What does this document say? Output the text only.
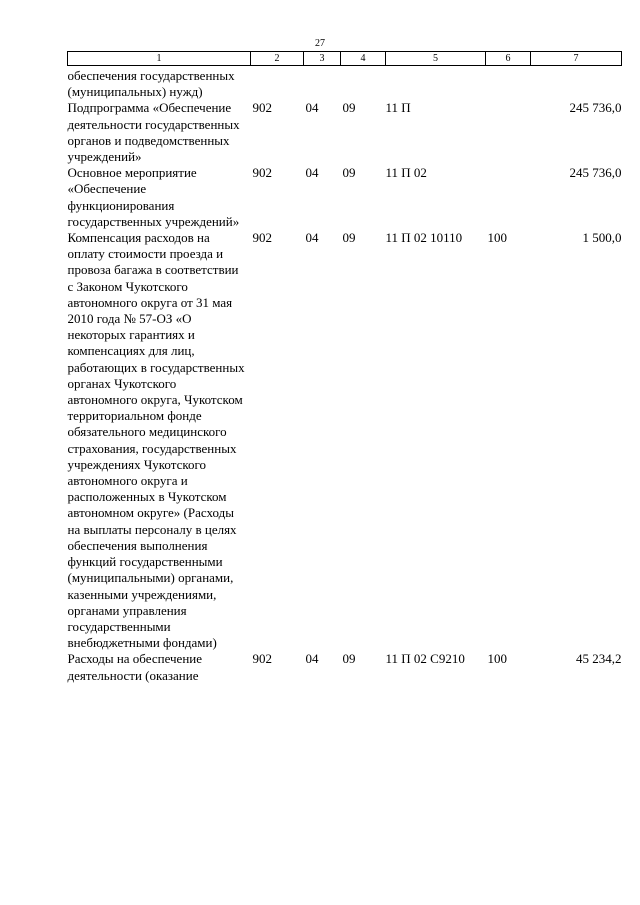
27
1	2	3	4	5	6	7
обеспечения государственных (муниципальных) нужд)						
Подпрограмма «Обеспечение деятельности государственных органов и подведомственных учреждений»	902	04	09	11 П		245 736,0
Основное мероприятие «Обеспечение функционирования государственных учреждений»	902	04	09	11 П 02		245 736,0
Компенсация расходов на оплату стоимости проезда и провоза багажа в соответствии с Законом Чукотского автономного округа от 31 мая 2010 года № 57-ОЗ «О некоторых гарантиях и компенсациях для лиц, работающих в государственных органах Чукотского автономного округа, Чукотском территориальном фонде обязательного медицинского страхования, государственных учреждениях Чукотского автономного округа и расположенных в Чукотском автономном округе» (Расходы на выплаты персоналу в целях обеспечения выполнения функций государственными (муниципальными) органами, казенными учреждениями, органами управления государственными внебюджетными фондами)	902	04	09	11 П 02 10110	100	1 500,0
Расходы на обеспечение деятельности (оказание	902	04	09	11 П 02 С9210	100	45 234,2
